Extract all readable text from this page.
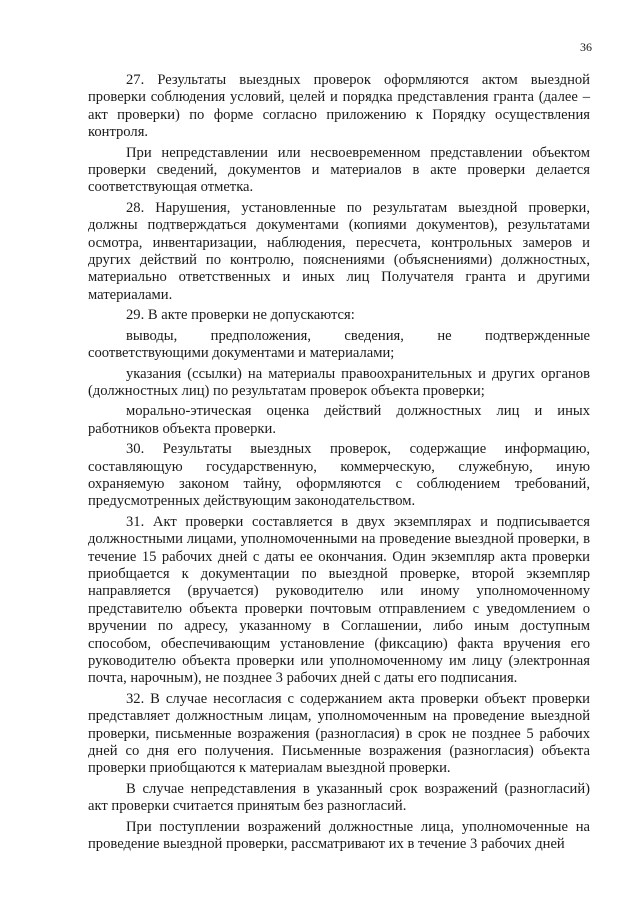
36

27. Результаты выездных проверок оформляются актом выездной проверки соблюдения условий, целей и порядка представления гранта (далее – акт проверки) по форме согласно приложению к Порядку осуществления контроля.

При непредставлении или несвоевременном представлении объектом проверки сведений, документов и материалов в акте проверки делается соответствующая отметка.

28. Нарушения, установленные по результатам выездной проверки, должны подтверждаться документами (копиями документов), результатами осмотра, инвентаризации, наблюдения, пересчета, контрольных замеров и других действий по контролю, пояснениями (объяснениями) должностных, материально ответственных и иных лиц Получателя гранта и другими материалами.

29. В акте проверки не допускаются:

выводы, предположения, сведения, не подтвержденные соответствующими документами и материалами;

указания (ссылки) на материалы правоохранительных и других органов (должностных лиц) по результатам проверок объекта проверки;

морально-этическая оценка действий должностных лиц и иных работников объекта проверки.

30. Результаты выездных проверок, содержащие информацию, составляющую государственную, коммерческую, служебную, иную охраняемую законом тайну, оформляются с соблюдением требований, предусмотренных действующим законодательством.

31. Акт проверки составляется в двух экземплярах и подписывается должностными лицами, уполномоченными на проведение выездной проверки, в течение 15 рабочих дней с даты ее окончания. Один экземпляр акта проверки приобщается к документации по выездной проверке, второй экземпляр направляется (вручается) руководителю или иному уполномоченному представителю объекта проверки почтовым отправлением с уведомлением о вручении по адресу, указанному в Соглашении, либо иным доступным способом, обеспечивающим установление (фиксацию) факта вручения его руководителю объекта проверки или уполномоченному им лицу (электронная почта, нарочным), не позднее 3 рабочих дней с даты его подписания.

32. В случае несогласия с содержанием акта проверки объект проверки представляет должностным лицам, уполномоченным на проведение выездной проверки, письменные возражения (разногласия) в срок не позднее 5 рабочих дней со дня его получения. Письменные возражения (разногласия) объекта проверки приобщаются к материалам выездной проверки.

В случае непредставления в указанный срок возражений (разногласий) акт проверки считается принятым без разногласий.

При поступлении возражений должностные лица, уполномоченные на проведение выездной проверки, рассматривают их в течение 3 рабочих дней
